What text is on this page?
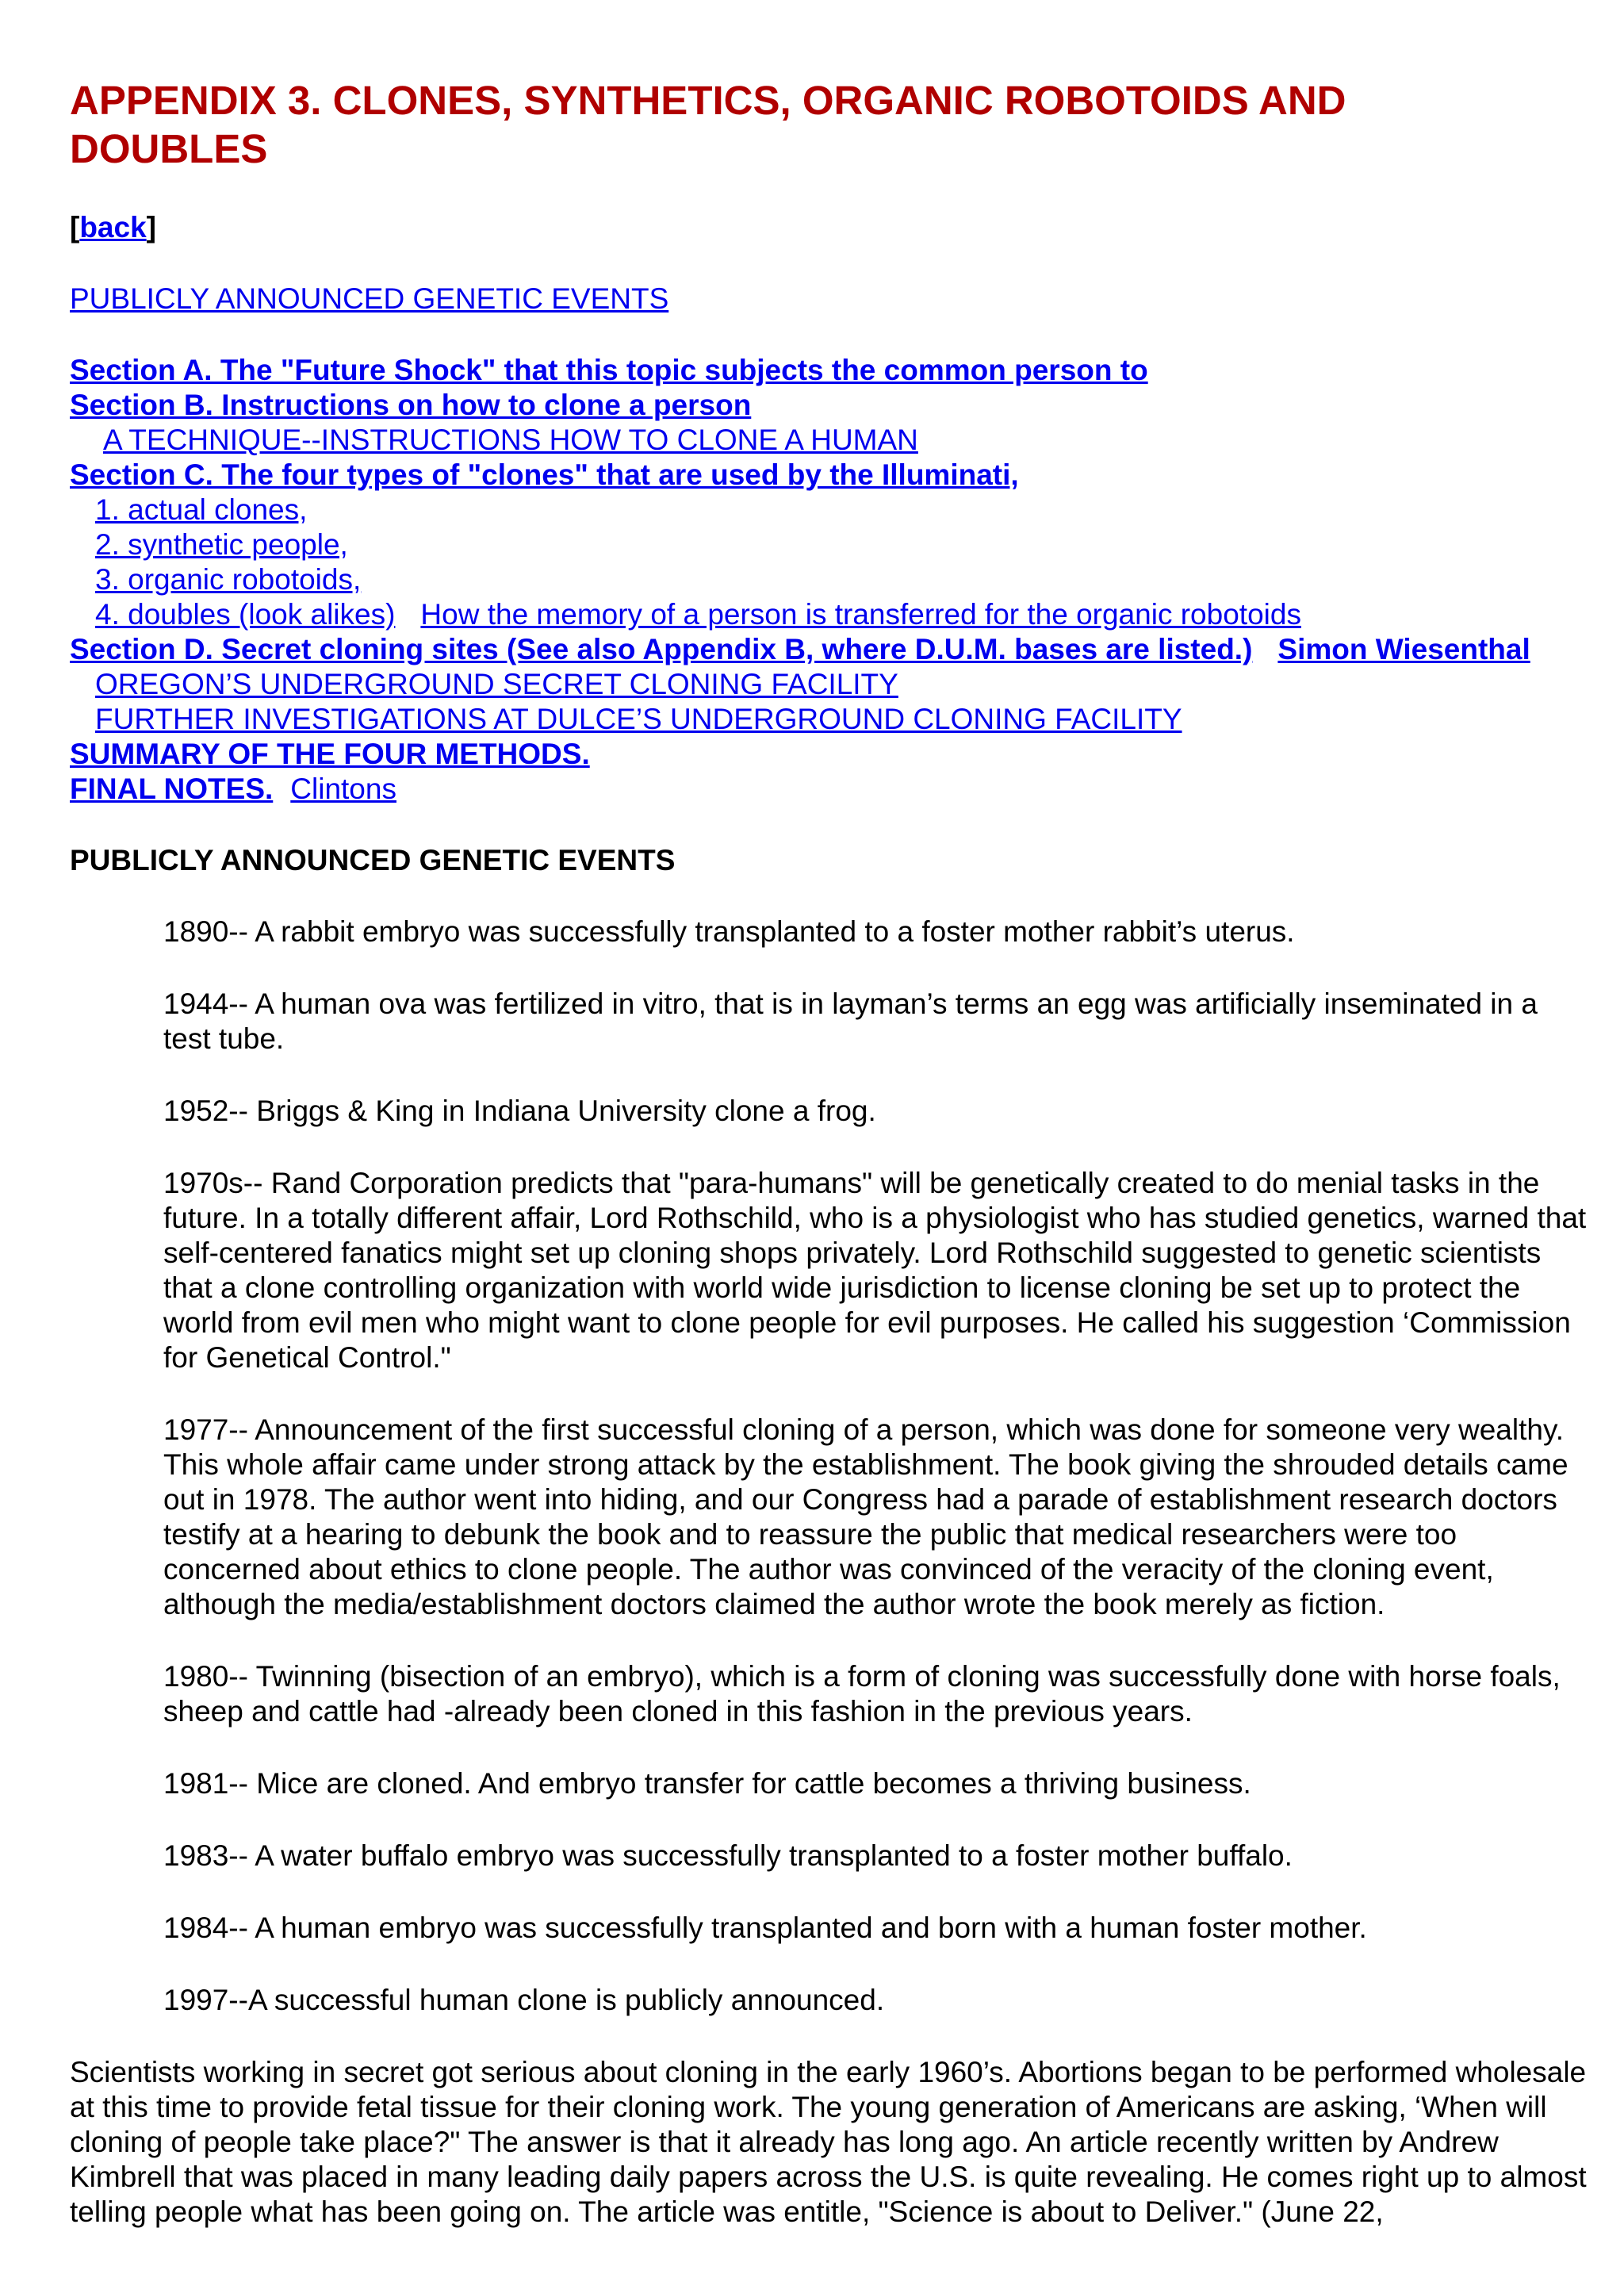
APPENDIX 3. CLONES, SYNTHETICS, ORGANIC ROBOTOIDS AND DOUBLES
[back]
PUBLICLY ANNOUNCED GENETIC EVENTS
Section A. The "Future Shock" that this topic subjects the common person to
Section B. Instructions on how to clone a person
A TECHNIQUE--INSTRUCTIONS HOW TO CLONE A HUMAN
Section C. The four types of "clones" that are used by the Illuminati,
1. actual clones,
2. synthetic people,
3. organic robotoids,
4. doubles (look alikes) How the memory of a person is transferred for the organic robotoids
Section D. Secret cloning sites (See also Appendix B, where D.U.M. bases are listed.) Simon Wiesenthal
OREGON’S UNDERGROUND SECRET CLONING FACILITY
FURTHER INVESTIGATIONS AT DULCE’S UNDERGROUND CLONING FACILITY
SUMMARY OF THE FOUR METHODS.
FINAL NOTES. Clintons
PUBLICLY ANNOUNCED GENETIC EVENTS

1890-- A rabbit embryo was successfully transplanted to a foster mother rabbit’s uterus.

1944-- A human ova was fertilized in vitro, that is in layman’s terms an egg was artificially inseminated in a test tube.

1952-- Briggs & King in Indiana University clone a frog.

1970s-- Rand Corporation predicts that "para-humans" will be genetically created to do menial tasks in the future. In a totally different affair, Lord Rothschild, who is a physiologist who has studied genetics, warned that self-centered fanatics might set up cloning shops privately. Lord Rothschild suggested to genetic scientists that a clone controlling organization with world wide jurisdiction to license cloning be set up to protect the world from evil men who might want to clone people for evil purposes. He called his suggestion ‘Commission for Genetical Control."

1977-- Announcement of the first successful cloning of a person, which was done for someone very wealthy. This whole affair came under strong attack by the establishment. The book giving the shrouded details came out in 1978. The author went into hiding, and our Congress had a parade of establishment research doctors testify at a hearing to debunk the book and to reassure the public that medical researchers were too concerned about ethics to clone people. The author was convinced of the veracity of the cloning event, although the media/establishment doctors claimed the author wrote the book merely as fiction.

1980-- Twinning (bisection of an embryo), which is a form of cloning was successfully done with horse foals, sheep and cattle had -already been cloned in this fashion in the previous years.

1981-- Mice are cloned. And embryo transfer for cattle becomes a thriving business.

1983-- A water buffalo embryo was successfully transplanted to a foster mother buffalo.

1984-- A human embryo was successfully transplanted and born with a human foster mother.

1997--A successful human clone is publicly announced.

Scientists working in secret got serious about cloning in the early 1960’s. Abortions began to be performed wholesale at this time to provide fetal tissue for their cloning work. The young generation of Americans are asking, ‘When will cloning of people take place?" The answer is that it already has long ago. An article recently written by Andrew Kimbrell that was placed in many leading daily papers across the U.S. is quite revealing. He comes right up to almost telling people what has been going on. The article was entitle, "Science is about to Deliver." (June 22,
